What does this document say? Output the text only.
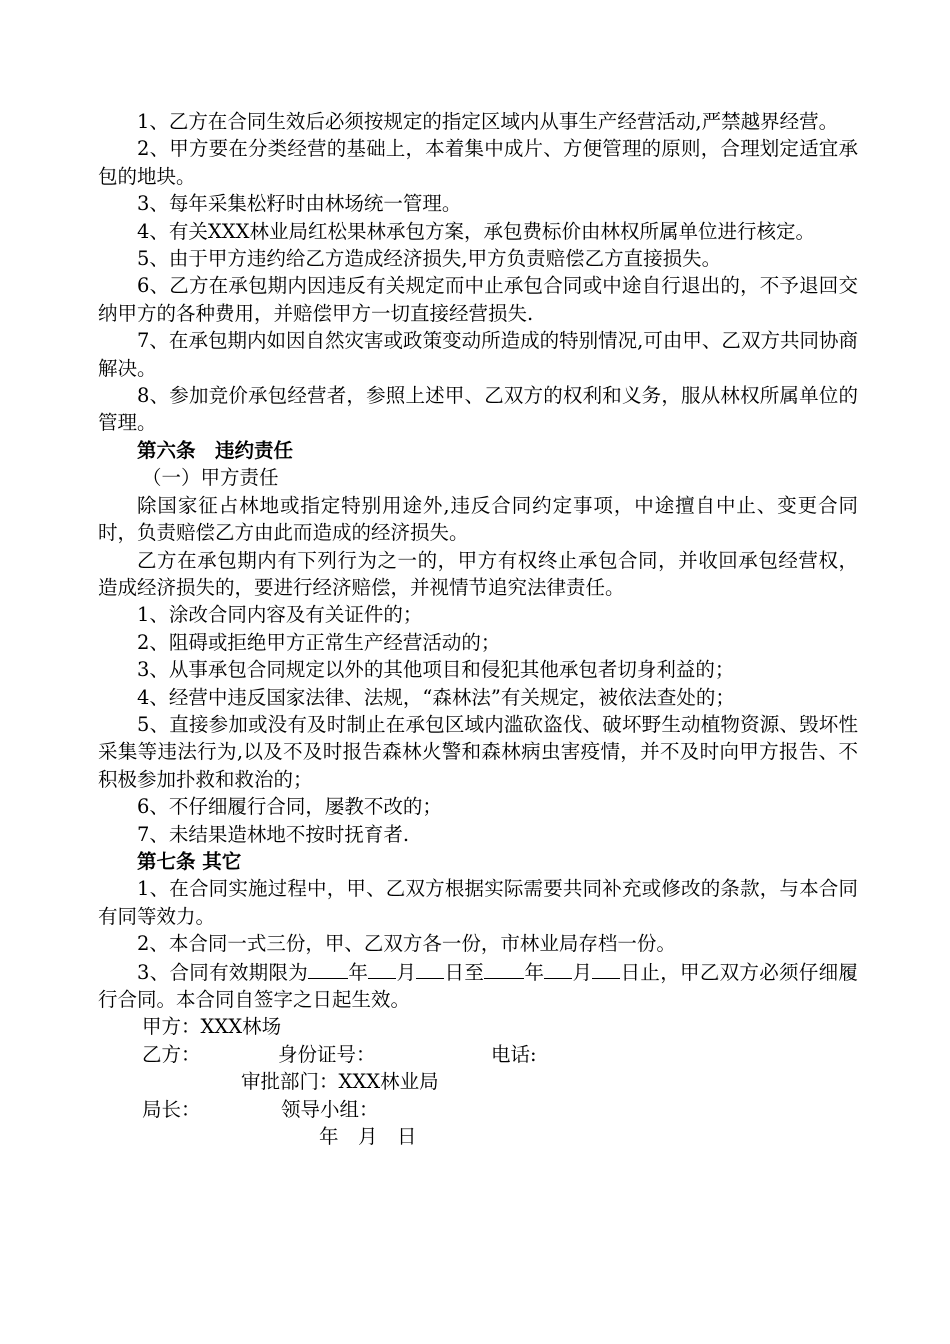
1、乙方在合同生效后必须按规定的指定区域内从事生产经营活动,严禁越界经营。

2、甲方要在分类经营的基础上，本着集中成片、方便管理的原则，合理划定适宜承包的地块。

3、每年采集松籽时由林场统一管理。

4、有关XXX林业局红松果林承包方案，承包费标价由林权所属单位进行核定。

5、由于甲方违约给乙方造成经济损失,甲方负责赔偿乙方直接损失。

6、乙方在承包期内因违反有关规定而中止承包合同或中途自行退出的，不予退回交纳甲方的各种费用，并赔偿甲方一切直接经营损失.

7、在承包期内如因自然灾害或政策变动所造成的特别情况,可由甲、乙双方共同协商解决。

8、参加竞价承包经营者，参照上述甲、乙双方的权利和义务，服从林权所属单位的管理。

第六条　违约责任

（一）甲方责任

除国家征占林地或指定特别用途外,违反合同约定事项，中途擅自中止、变更合同时，负责赔偿乙方由此而造成的经济损失。

乙方在承包期内有下列行为之一的，甲方有权终止承包合同，并收回承包经营权，造成经济损失的，要进行经济赔偿，并视情节追究法律责任。

1、涂改合同内容及有关证件的；

2、阻碍或拒绝甲方正常生产经营活动的；

3、从事承包合同规定以外的其他项目和侵犯其他承包者切身利益的；

4、经营中违反国家法律、法规，“森林法”有关规定，被依法查处的；

5、直接参加或没有及时制止在承包区域内滥砍盗伐、破坏野生动植物资源、毁坏性采集等违法行为,以及不及时报告森林火警和森林病虫害疫情，并不及时向甲方报告、不积极参加扑救和救治的；

6、不仔细履行合同，屡教不改的；

7、未结果造林地不按时抚育者.

第七条 其它

1、在合同实施过程中，甲、乙双方根据实际需要共同补充或修改的条款，与本合同有同等效力。

2、本合同一式三份，甲、乙双方各一份，市林业局存档一份。

3、合同有效期限为 年 月 日至 年 月 日止，甲乙双方必须仔细履行合同。本合同自签字之日起生效。

甲方：XXX林场
乙方：	身份证号：	电话:
审批部门：XXX林业局
局长：	领导小组：
年　月　日
